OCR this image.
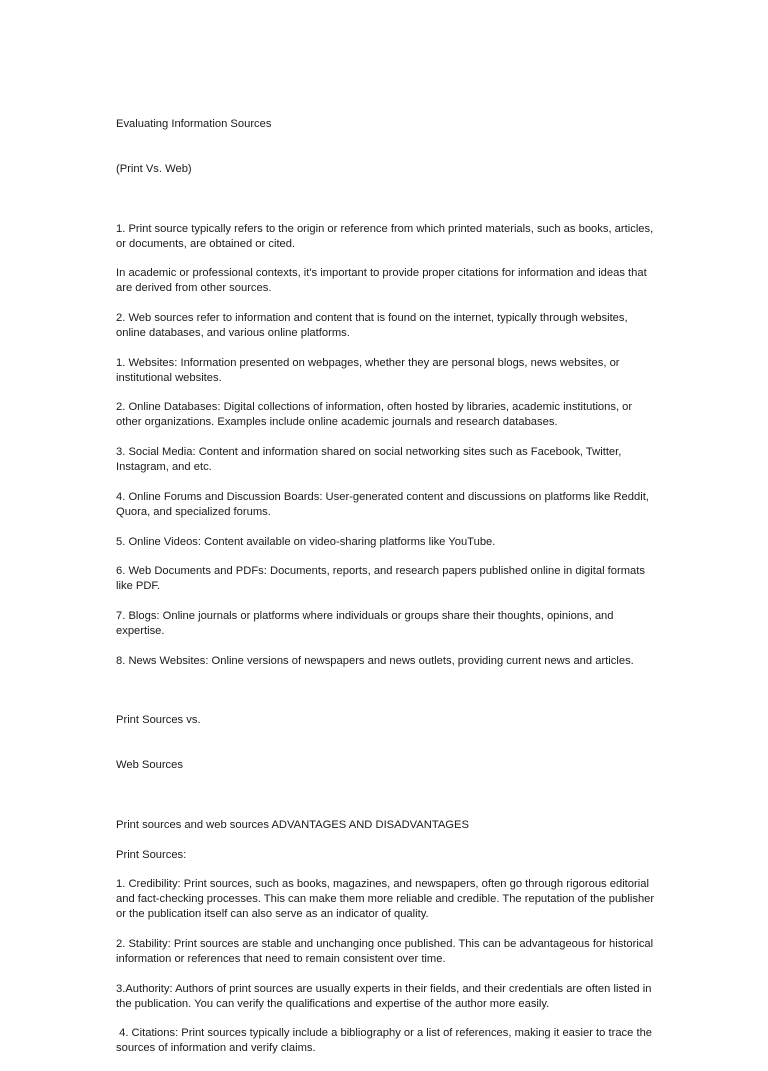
Evaluating Information Sources

(Print Vs. Web)

1. Print source typically refers to the origin or reference from which printed materials, such as books, articles, or documents, are obtained or cited.

In academic or professional contexts, it's important to provide proper citations for information and ideas that are derived from other sources.

2. Web sources refer to information and content that is found on the internet, typically through websites, online databases, and various online platforms.

1. Websites: Information presented on webpages, whether they are personal blogs, news websites, or institutional websites.

2. Online Databases: Digital collections of information, often hosted by libraries, academic institutions, or other organizations. Examples include online academic journals and research databases.

3. Social Media: Content and information shared on social networking sites such as Facebook, Twitter, Instagram, and etc.

4. Online Forums and Discussion Boards: User-generated content and discussions on platforms like Reddit, Quora, and specialized forums.

5. Online Videos: Content available on video-sharing platforms like YouTube.

6. Web Documents and PDFs: Documents, reports, and research papers published online in digital formats like PDF.

7. Blogs: Online journals or platforms where individuals or groups share their thoughts, opinions, and expertise.

8. News Websites: Online versions of newspapers and news outlets, providing current news and articles.

Print Sources vs.

Web Sources

Print sources and web sources ADVANTAGES AND DISADVANTAGES

Print Sources:

1. Credibility: Print sources, such as books, magazines, and newspapers, often go through rigorous editorial and fact-checking processes. This can make them more reliable and credible. The reputation of the publisher or the publication itself can also serve as an indicator of quality.

2. Stability: Print sources are stable and unchanging once published. This can be advantageous for historical information or references that need to remain consistent over time.

3.Authority: Authors of print sources are usually experts in their fields, and their credentials are often listed in the publication. You can verify the qualifications and expertise of the author more easily.

4. Citations: Print sources typically include a bibliography or a list of references, making it easier to trace the sources of information and verify claims.
